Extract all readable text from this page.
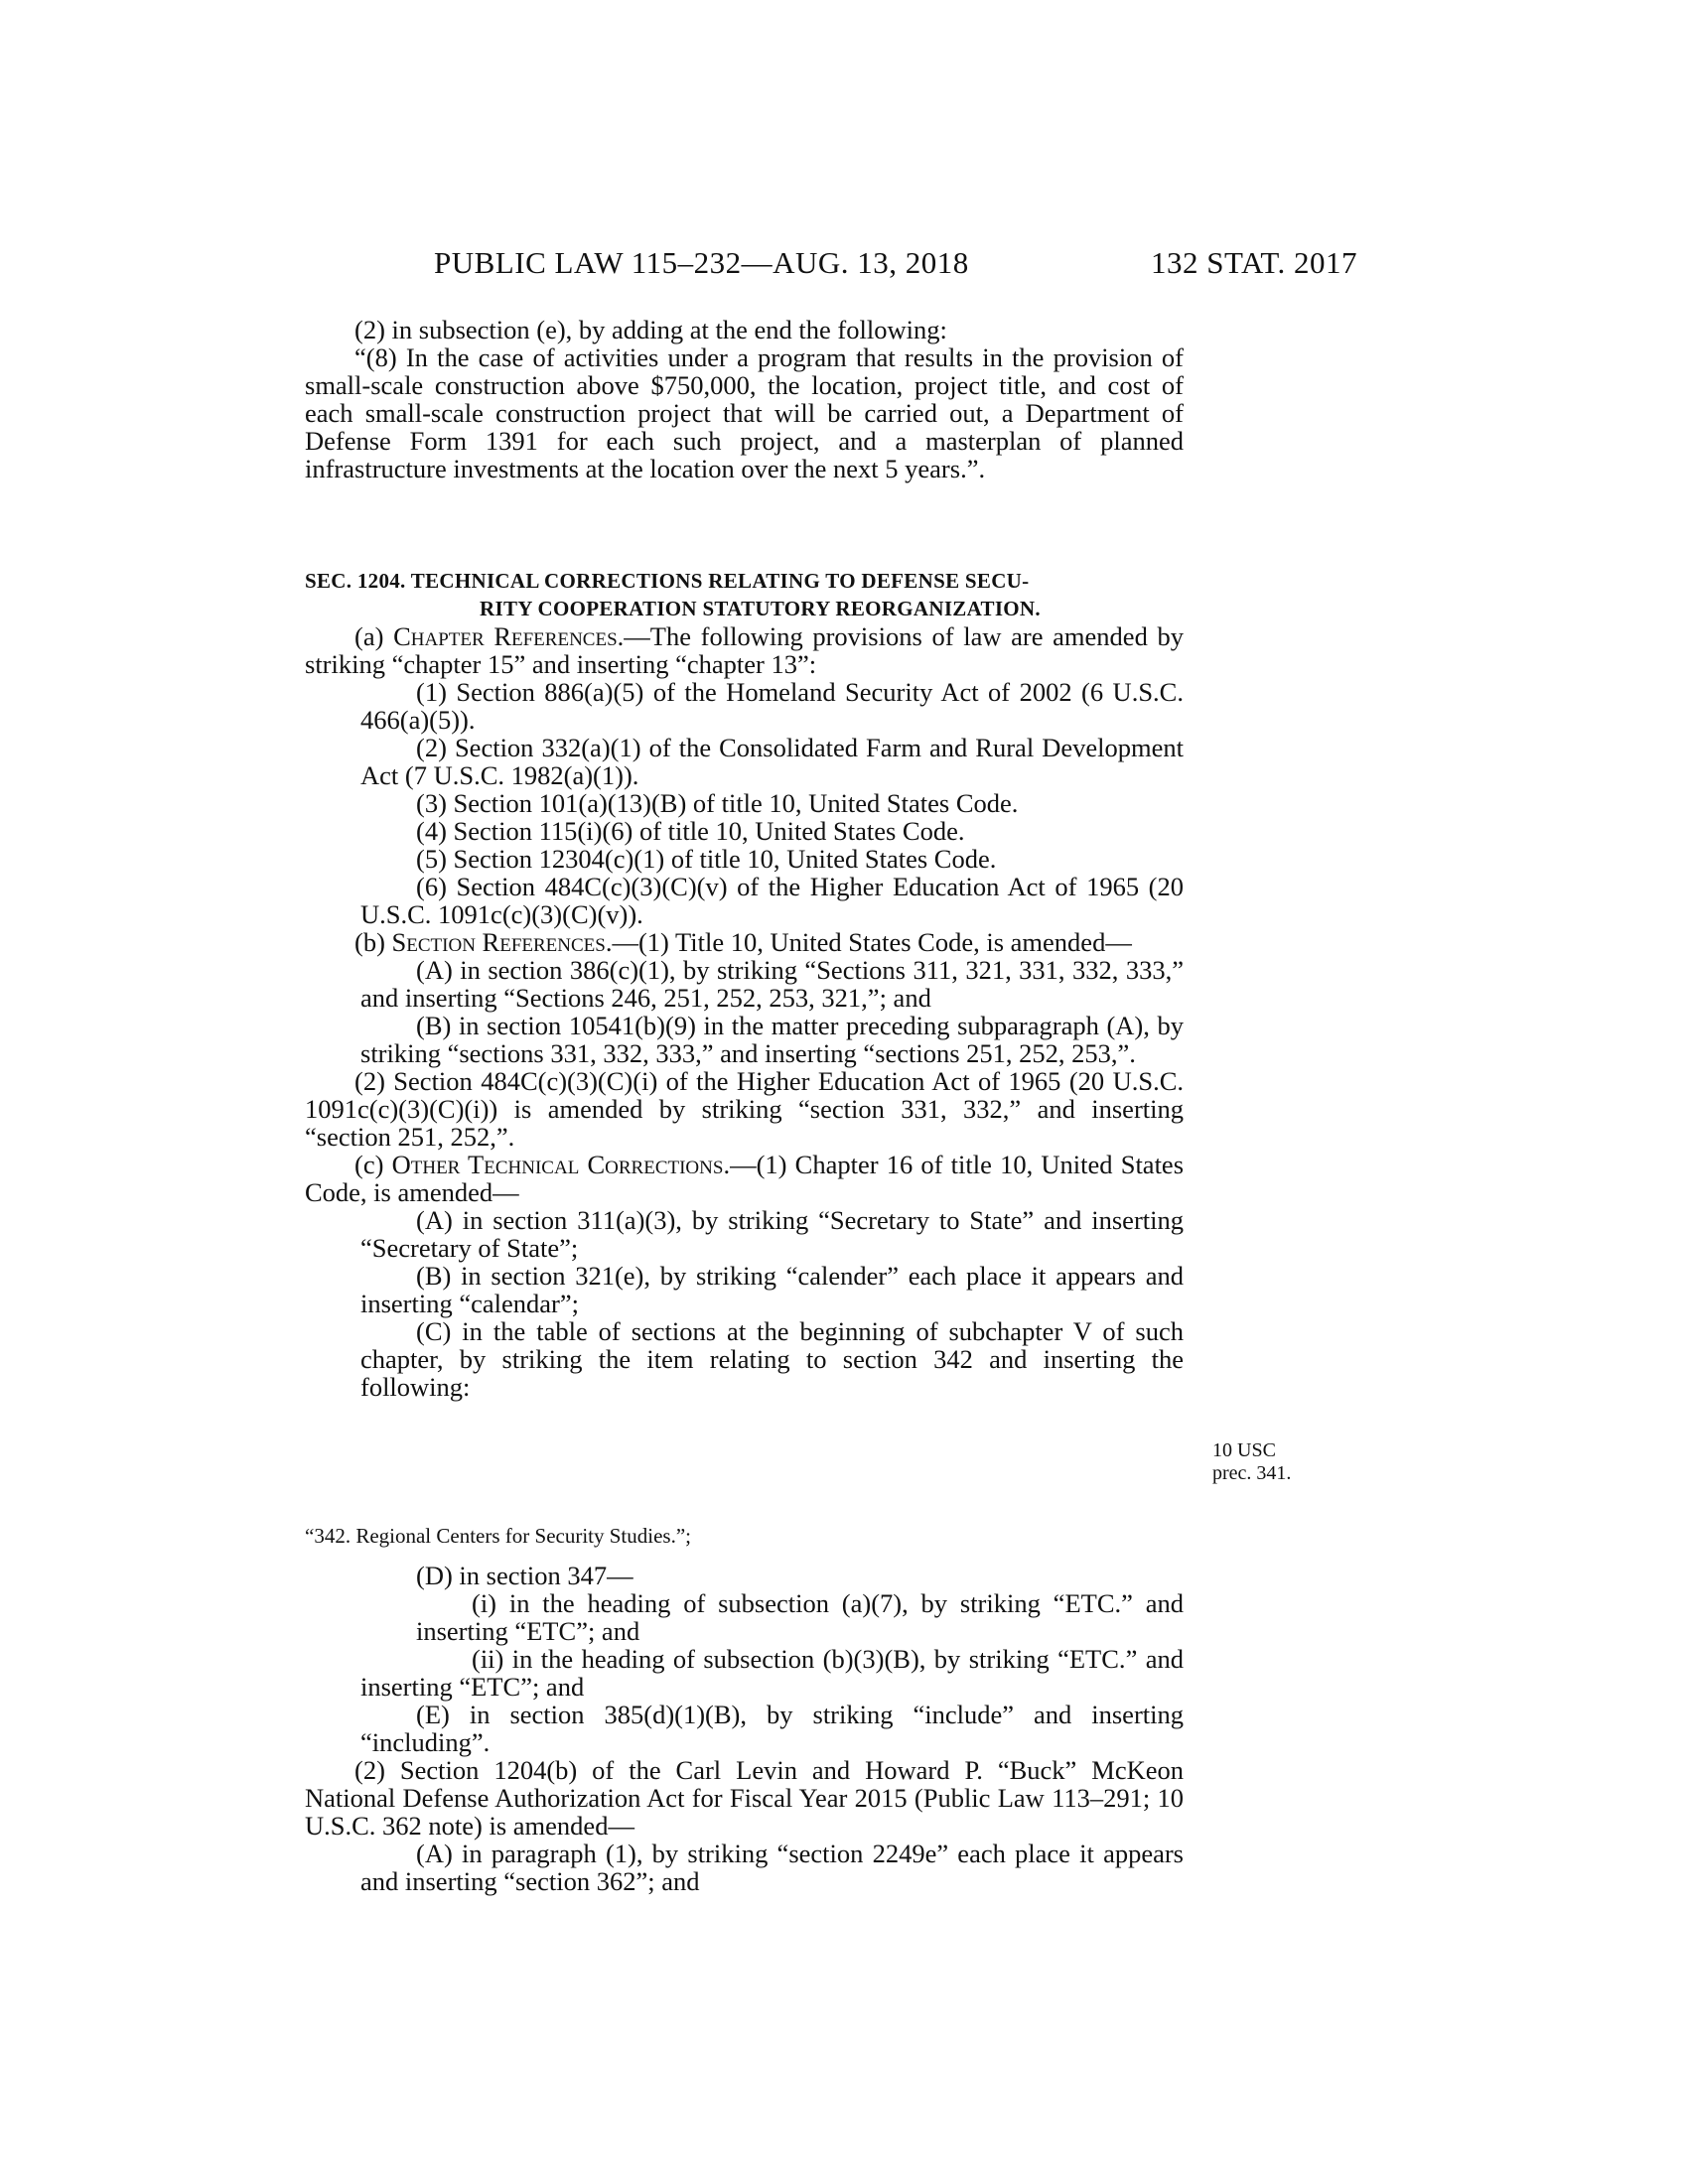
PUBLIC LAW 115–232—AUG. 13, 2018	132 STAT. 2017

(2) in subsection (e), by adding at the end the following:

“(8) In the case of activities under a program that results in the provision of small-scale construction above $750,000, the location, project title, and cost of each small-scale construction project that will be carried out, a Department of Defense Form 1391 for each such project, and a masterplan of planned infrastructure investments at the location over the next 5 years.”.

SEC. 1204. TECHNICAL CORRECTIONS RELATING TO DEFENSE SECU-
RITY COOPERATION STATUTORY REORGANIZATION.

(a) Chapter References.—The following provisions of law are amended by striking “chapter 15” and inserting “chapter 13”:

(1) Section 886(a)(5) of the Homeland Security Act of 2002 (6 U.S.C. 466(a)(5)).

(2) Section 332(a)(1) of the Consolidated Farm and Rural Development Act (7 U.S.C. 1982(a)(1)).

(3) Section 101(a)(13)(B) of title 10, United States Code.

(4) Section 115(i)(6) of title 10, United States Code.

(5) Section 12304(c)(1) of title 10, United States Code.

(6) Section 484C(c)(3)(C)(v) of the Higher Education Act of 1965 (20 U.S.C. 1091c(c)(3)(C)(v)).

(b) Section References.—(1) Title 10, United States Code, is amended—

(A) in section 386(c)(1), by striking “Sections 311, 321, 331, 332, 333,” and inserting “Sections 246, 251, 252, 253, 321,”; and

(B) in section 10541(b)(9) in the matter preceding subparagraph (A), by striking “sections 331, 332, 333,” and inserting “sections 251, 252, 253,”.

(2) Section 484C(c)(3)(C)(i) of the Higher Education Act of 1965 (20 U.S.C. 1091c(c)(3)(C)(i)) is amended by striking “section 331, 332,” and inserting “section 251, 252,”.

(c) Other Technical Corrections.—(1) Chapter 16 of title 10, United States Code, is amended—

(A) in section 311(a)(3), by striking “Secretary to State” and inserting “Secretary of State”;

(B) in section 321(e), by striking “calender” each place it appears and inserting “calendar”;

(C) in the table of sections at the beginning of subchapter V of such chapter, by striking the item relating to section 342 and inserting the following:

10 USC
prec. 341.
“342. Regional Centers for Security Studies.”;

(D) in section 347—

(i) in the heading of subsection (a)(7), by striking “ETC.” and inserting “ETC”; and

(ii) in the heading of subsection (b)(3)(B), by striking “ETC.” and inserting “ETC”; and

(E) in section 385(d)(1)(B), by striking “include” and inserting “including”.

(2) Section 1204(b) of the Carl Levin and Howard P. “Buck” McKeon National Defense Authorization Act for Fiscal Year 2015 (Public Law 113–291; 10 U.S.C. 362 note) is amended—

(A) in paragraph (1), by striking “section 2249e” each place it appears and inserting “section 362”; and
